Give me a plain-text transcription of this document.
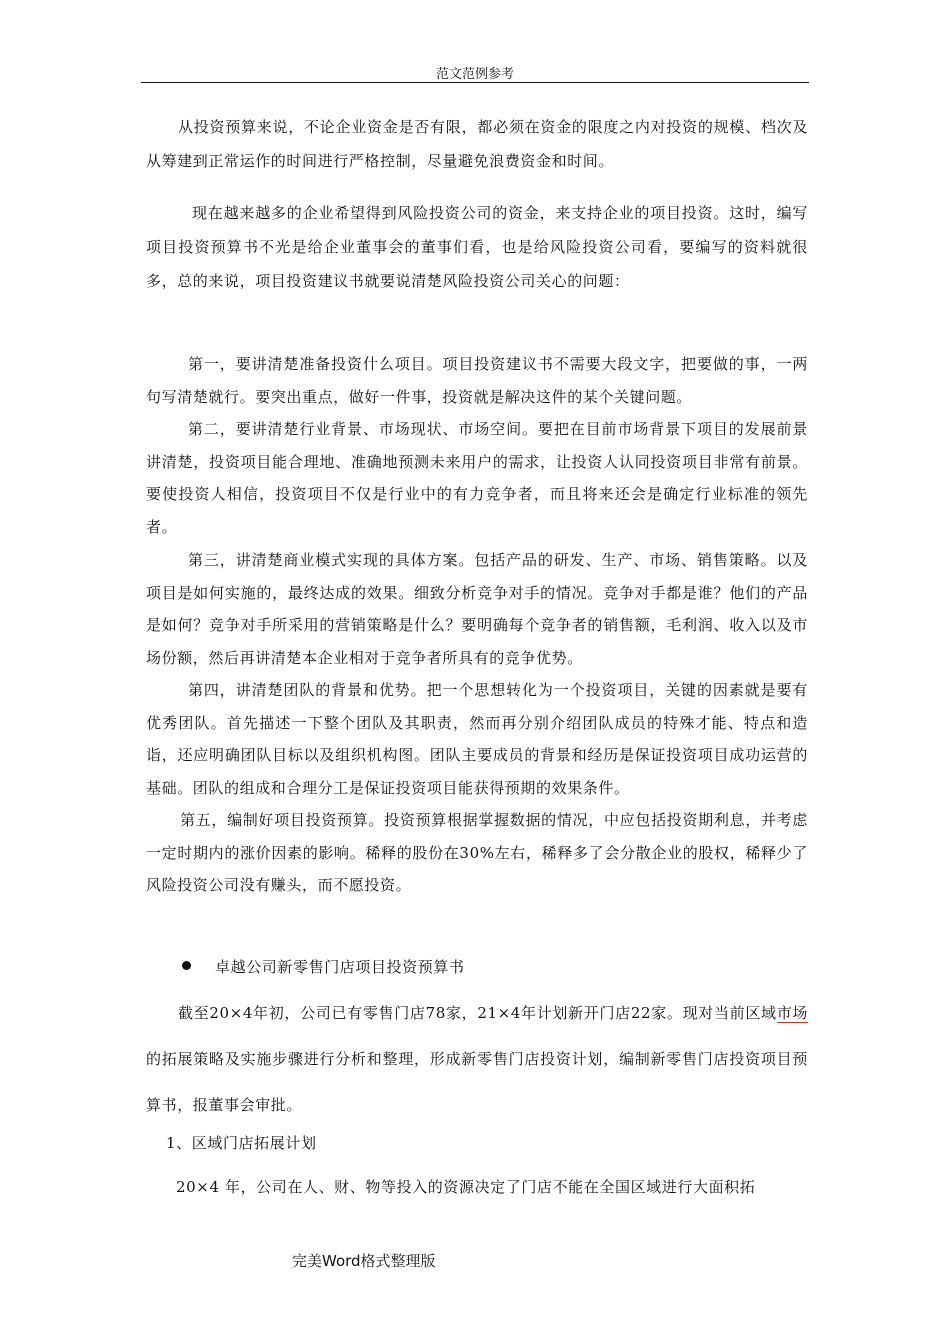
范文范例参考

从投资预算来说，不论企业资金是否有限，都必须在资金的限度之内对投资的规模、档次及从筹建到正常运作的时间进行严格控制，尽量避免浪费资金和时间。

现在越来越多的企业希望得到风险投资公司的资金，来支持企业的项目投资。这时，编写项目投资预算书不光是给企业董事会的董事们看，也是给风险投资公司看，要编写的资料就很多，总的来说，项目投资建议书就要说清楚风险投资公司关心的问题：

第一，要讲清楚准备投资什么项目。项目投资建议书不需要大段文字，把要做的事，一两句写清楚就行。要突出重点，做好一件事，投资就是解决这件的某个关键问题。

第二，要讲清楚行业背景、市场现状、市场空间。要把在目前市场背景下项目的发展前景讲清楚，投资项目能合理地、准确地预测未来用户的需求，让投资人认同投资项目非常有前景。要使投资人相信，投资项目不仅是行业中的有力竞争者，而且将来还会是确定行业标准的领先者。

第三，讲清楚商业模式实现的具体方案。包括产品的研发、生产、市场、销售策略。以及项目是如何实施的，最终达成的效果。细致分析竞争对手的情况。竞争对手都是谁？他们的产品是如何？竞争对手所采用的营销策略是什么？要明确每个竞争者的销售额，毛利润、收入以及市场份额，然后再讲清楚本企业相对于竞争者所具有的竞争优势。

第四，讲清楚团队的背景和优势。把一个思想转化为一个投资项目，关键的因素就是要有优秀团队。首先描述一下整个团队及其职责，然而再分别介绍团队成员的特殊才能、特点和造诣，还应明确团队目标以及组织机构图。团队主要成员的背景和经历是保证投资项目成功运营的基础。团队的组成和合理分工是保证投资项目能获得预期的效果条件。

第五，编制好项目投资预算。投资预算根据掌握数据的情况，中应包括投资期利息，并考虑一定时期内的涨价因素的影响。稀释的股份在30%左右，稀释多了会分散企业的股权，稀释少了风险投资公司没有赚头，而不愿投资。

卓越公司新零售门店项目投资预算书

截至20×4年初，公司已有零售门店78家，21×4年计划新开门店22家。现对当前区域市场的拓展策略及实施步骤进行分析和整理，形成新零售门店投资计划，编制新零售门店投资项目预算书，报董事会审批。

1、区域门店拓展计划

20×4 年，公司在人、财、物等投入的资源决定了门店不能在全国区域进行大面积拓

完美Word格式整理版
